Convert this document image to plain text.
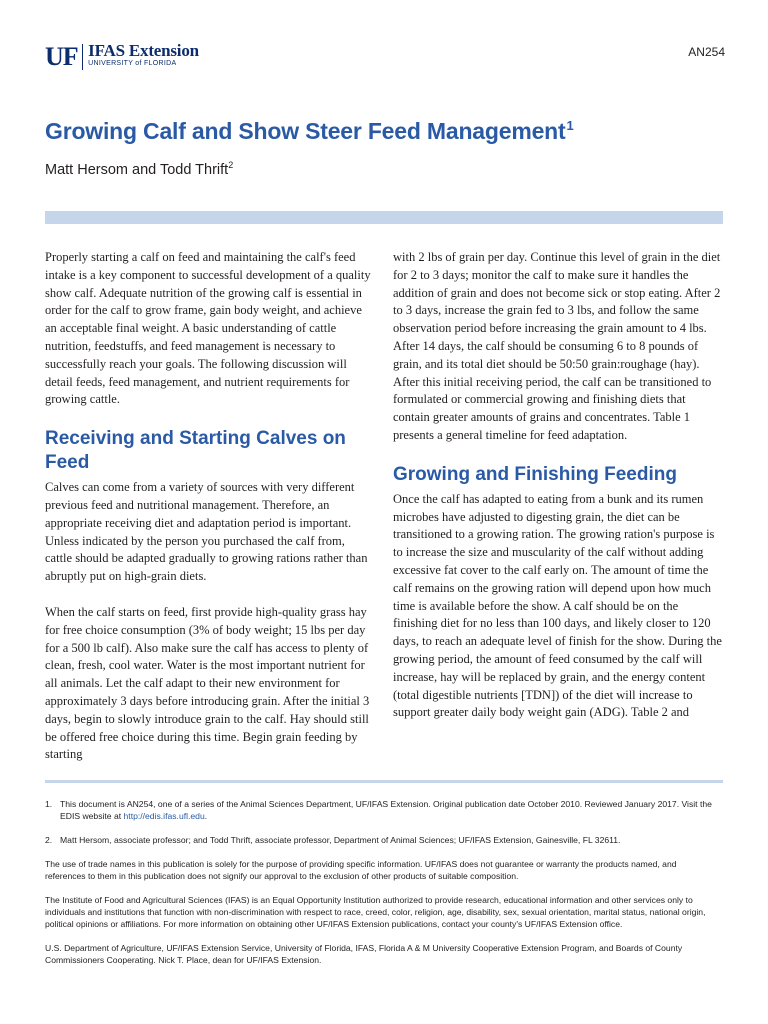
UF IFAS Extension
UNIVERSITY of FLORIDA
AN254
Growing Calf and Show Steer Feed Management$^1$

Matt Hersom and Todd Thrift$^2$

Properly starting a calf on feed and maintaining the calf's feed intake is a key component to successful development of a quality show calf. Adequate nutrition of the growing calf is essential in order for the calf to grow frame, gain body weight, and achieve an acceptable final weight. A basic understanding of cattle nutrition, feedstuffs, and feed management is necessary to successfully reach your goals. The following discussion will detail feeds, feed management, and nutrient requirements for growing cattle.

Receiving and Starting Calves on Feed

Calves can come from a variety of sources with very different previous feed and nutritional management. Therefore, an appropriate receiving diet and adaptation period is important. Unless indicated by the person you purchased the calf from, cattle should be adapted gradually to growing rations rather than abruptly put on high-grain diets.

When the calf starts on feed, first provide high-quality grass hay for free choice consumption (3% of body weight; 15 lbs per day for a 500 lb calf). Also make sure the calf has access to plenty of clean, fresh, cool water. Water is the most important nutrient for all animals. Let the calf adapt to their new environment for approximately 3 days before introducing grain. After the initial 3 days, begin to slowly introduce grain to the calf. Hay should still be offered free choice during this time. Begin grain feeding by starting

with 2 lbs of grain per day. Continue this level of grain in the diet for 2 to 3 days; monitor the calf to make sure it handles the addition of grain and does not become sick or stop eating. After 2 to 3 days, increase the grain fed to 3 lbs, and follow the same observation period before increasing the grain amount to 4 lbs. After 14 days, the calf should be consuming 6 to 8 pounds of grain, and its total diet should be 50:50 grain:roughage (hay). After this initial receiving period, the calf can be transitioned to formulated or commercial growing and finishing diets that contain greater amounts of grains and concentrates. Table 1 presents a general timeline for feed adaptation.

Growing and Finishing Feeding

Once the calf has adapted to eating from a bunk and its rumen microbes have adjusted to digesting grain, the diet can be transitioned to a growing ration. The growing ration's purpose is to increase the size and muscularity of the calf without adding excessive fat cover to the calf early on. The amount of time the calf remains on the growing ration will depend upon how much time is available before the show. A calf should be on the finishing diet for no less than 100 days, and likely closer to 120 days, to reach an adequate level of finish for the show. During the growing period, the amount of feed consumed by the calf will increase, hay will be replaced by grain, and the energy content (total digestible nutrients [TDN]) of the diet will increase to support greater daily body weight gain (ADG). Table 2 and

1. This document is AN254, one of a series of the Animal Sciences Department, UF/IFAS Extension. Original publication date October 2010. Reviewed January 2017. Visit the EDIS website at http://edis.ifas.ufl.edu.
2. Matt Hersom, associate professor; and Todd Thrift, associate professor, Department of Animal Sciences; UF/IFAS Extension, Gainesville, FL 32611.

The use of trade names in this publication is solely for the purpose of providing specific information. UF/IFAS does not guarantee or warranty the products named, and references to them in this publication does not signify our approval to the exclusion of other products of suitable composition.

The Institute of Food and Agricultural Sciences (IFAS) is an Equal Opportunity Institution authorized to provide research, educational information and other services only to individuals and institutions that function with non-discrimination with respect to race, creed, color, religion, age, disability, sex, sexual orientation, marital status, national origin, political opinions or affiliations. For more information on obtaining other UF/IFAS Extension publications, contact your county's UF/IFAS Extension office.

U.S. Department of Agriculture, UF/IFAS Extension Service, University of Florida, IFAS, Florida A & M University Cooperative Extension Program, and Boards of County Commissioners Cooperating. Nick T. Place, dean for UF/IFAS Extension.
